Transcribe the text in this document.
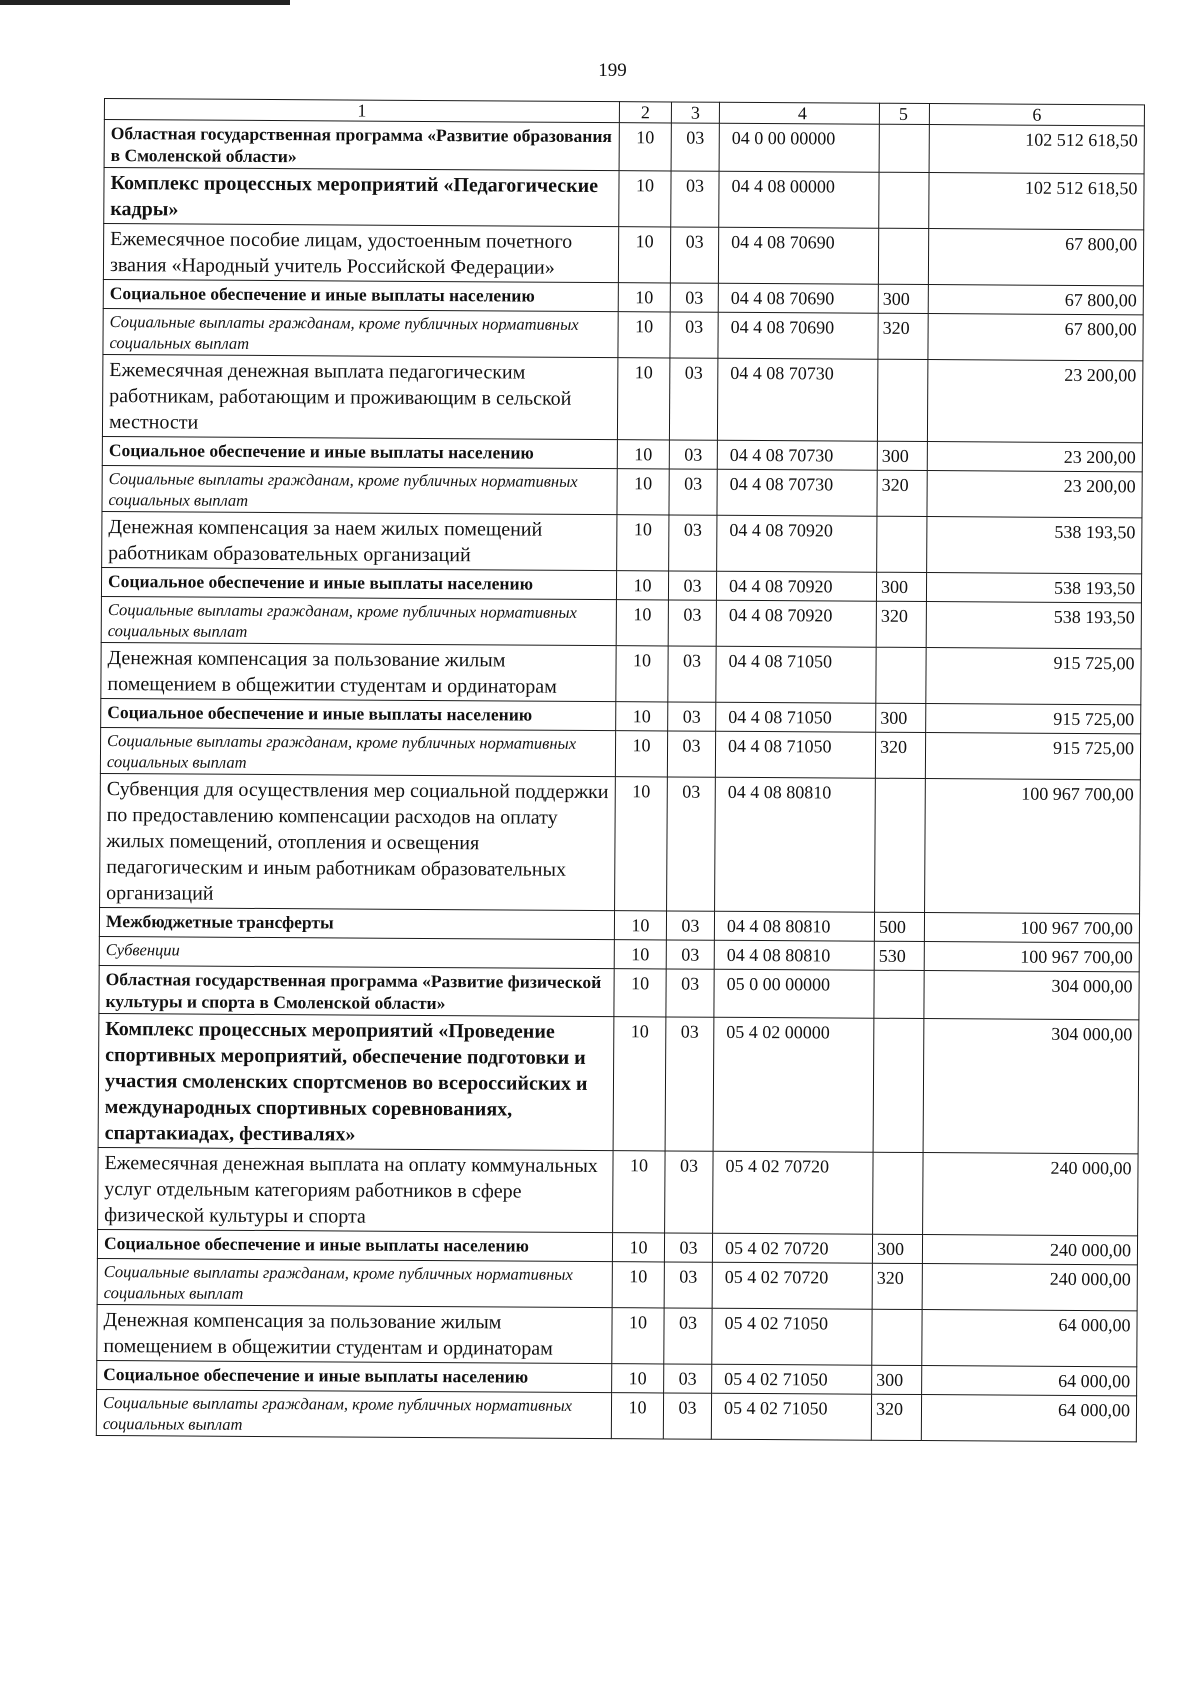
199
1	2	3	4	5	6
Областная государственная программа «Развитие образования в Смоленской области»	10	03	04 0 00 00000		102 512 618,50
Комплекс процессных мероприятий «Педагогические кадры»	10	03	04 4 08 00000		102 512 618,50
Ежемесячное пособие лицам, удостоенным почетного звания «Народный учитель Российской Федерации»	10	03	04 4 08 70690		67 800,00
Социальное обеспечение и иные выплаты населению	10	03	04 4 08 70690	300	67 800,00
Социальные выплаты гражданам, кроме публичных нормативных социальных выплат	10	03	04 4 08 70690	320	67 800,00
Ежемесячная денежная выплата педагогическим работникам, работающим и проживающим в сельской местности	10	03	04 4 08 70730		23 200,00
Социальное обеспечение и иные выплаты населению	10	03	04 4 08 70730	300	23 200,00
Социальные выплаты гражданам, кроме публичных нормативных социальных выплат	10	03	04 4 08 70730	320	23 200,00
Денежная компенсация за наем жилых помещений работникам образовательных организаций	10	03	04 4 08 70920		538 193,50
Социальное обеспечение и иные выплаты населению	10	03	04 4 08 70920	300	538 193,50
Социальные выплаты гражданам, кроме публичных нормативных социальных выплат	10	03	04 4 08 70920	320	538 193,50
Денежная компенсация за пользование жилым помещением в общежитии студентам и ординаторам	10	03	04 4 08 71050		915 725,00
Социальное обеспечение и иные выплаты населению	10	03	04 4 08 71050	300	915 725,00
Социальные выплаты гражданам, кроме публичных нормативных социальных выплат	10	03	04 4 08 71050	320	915 725,00
Субвенция для осуществления мер социальной поддержки по предоставлению компенсации расходов на оплату жилых помещений, отопления и освещения педагогическим и иным работникам образовательных организаций	10	03	04 4 08 80810		100 967 700,00
Межбюджетные трансферты	10	03	04 4 08 80810	500	100 967 700,00
Субвенции	10	03	04 4 08 80810	530	100 967 700,00
Областная государственная программа «Развитие физической культуры и спорта в Смоленской области»	10	03	05 0 00 00000		304 000,00
Комплекс процессных мероприятий «Проведение спортивных мероприятий, обеспечение подготовки и участия смоленских спортсменов во всероссийских и международных спортивных соревнованиях, спартакиадах, фестивалях»	10	03	05 4 02 00000		304 000,00
Ежемесячная денежная выплата на оплату коммунальных услуг отдельным категориям работников в сфере физической культуры и спорта	10	03	05 4 02 70720		240 000,00
Социальное обеспечение и иные выплаты населению	10	03	05 4 02 70720	300	240 000,00
Социальные выплаты гражданам, кроме публичных нормативных социальных выплат	10	03	05 4 02 70720	320	240 000,00
Денежная компенсация за пользование жилым помещением в общежитии студентам и ординаторам	10	03	05 4 02 71050		64 000,00
Социальное обеспечение и иные выплаты населению	10	03	05 4 02 71050	300	64 000,00
Социальные выплаты гражданам, кроме публичных нормативных социальных выплат	10	03	05 4 02 71050	320	64 000,00
